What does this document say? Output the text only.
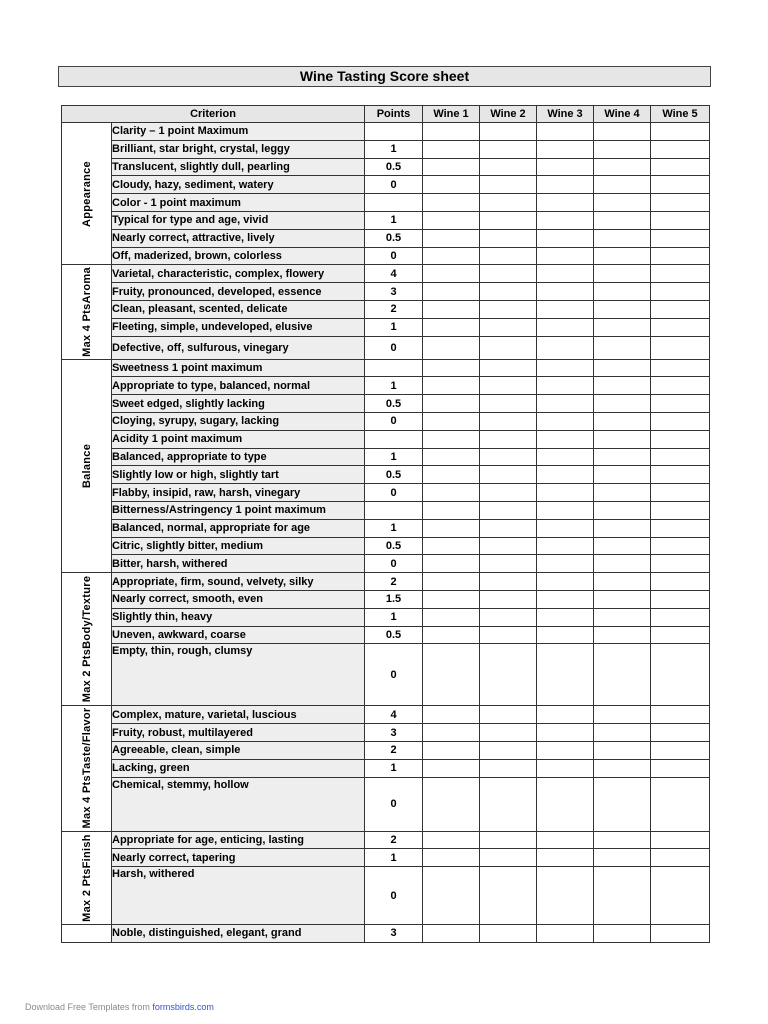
Wine Tasting Score sheet
Criterion		Points	Wine 1	Wine 2	Wine 3	Wine 4	Wine 5

Appearance	Clarity – 1 point Maximum						
	Brilliant, star bright, crystal, leggy	1					
	Translucent, slightly dull, pearling	0.5					
	Cloudy, hazy, sediment, watery	0					
	Color - 1 point maximum						
	Typical for type and age, vivid	1					
	Nearly correct, attractive, lively	0.5					
	Off, maderized, brown, colorless	0					

Max 4 PtsAroma	Varietal, characteristic, complex, flowery	4					
	Fruity, pronounced, developed, essence	3					
	Clean, pleasant, scented, delicate	2					
	Fleeting, simple, undeveloped, elusive	1					
	Defective, off, sulfurous, vinegary	0					

Balance	Sweetness 1 point maximum						
	Appropriate to type, balanced, normal	1					
	Sweet edged, slightly lacking	0.5					
	Cloying, syrupy, sugary, lacking	0					
	Acidity 1 point maximum						
	Balanced, appropriate to type	1					
	Slightly low or high, slightly tart	0.5					
	Flabby, insipid, raw, harsh, vinegary	0					
	Bitterness/Astringency 1 point maximum						
	Balanced, normal, appropriate for age	1					
	Citric, slightly bitter, medium	0.5					
	Bitter, harsh, withered	0					

Max 2 PtsBody/Texture	Appropriate, firm, sound, velvety, silky	2					
	Nearly correct, smooth, even	1.5					
	Slightly thin, heavy	1					
	Uneven, awkward, coarse	0.5					
	Empty, thin, rough, clumsy	0					

Max 4 PtsTaste/Flavor	Complex, mature, varietal, luscious	4					
	Fruity, robust, multilayered	3					
	Agreeable, clean, simple	2					
	Lacking, green	1					
	Chemical, stemmy, hollow	0					

Max 2 PtsFinish	Appropriate for age, enticing, lasting	2					
	Nearly correct, tapering	1					
	Harsh, withered	0					
	Noble, distinguished, elegant, grand	3					
Download Free Templates from formsbirds.com
